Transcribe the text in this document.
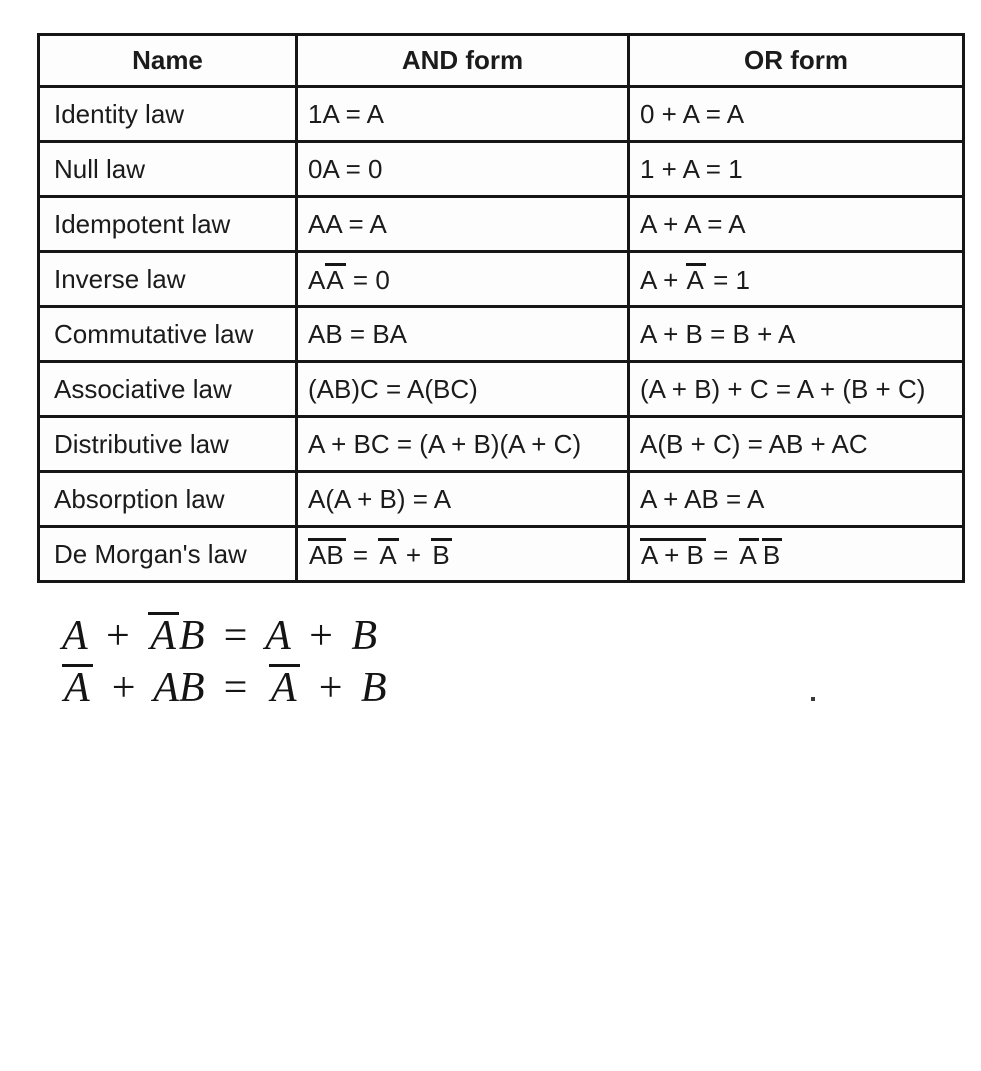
Name	AND form	OR form
Identity law	1A = A	0 + A = A
Null law	0A = 0	1 + A = 1
Idempotent law	AA = A	A + A = A
Inverse law	AA = 0	A + A = 1
Commutative law	AB = BA	A + B = B + A
Associative law	(AB)C = A(BC)	(A + B) + C = A + (B + C)
Distributive law	A + BC = (A + B)(A + C)	A(B + C) = AB + AC
Absorption law	A(A + B) = A	A + AB = A
De Morgan's law	AB = A + B	A + B = A B
A + AB = A + B
A + AB = A + B
